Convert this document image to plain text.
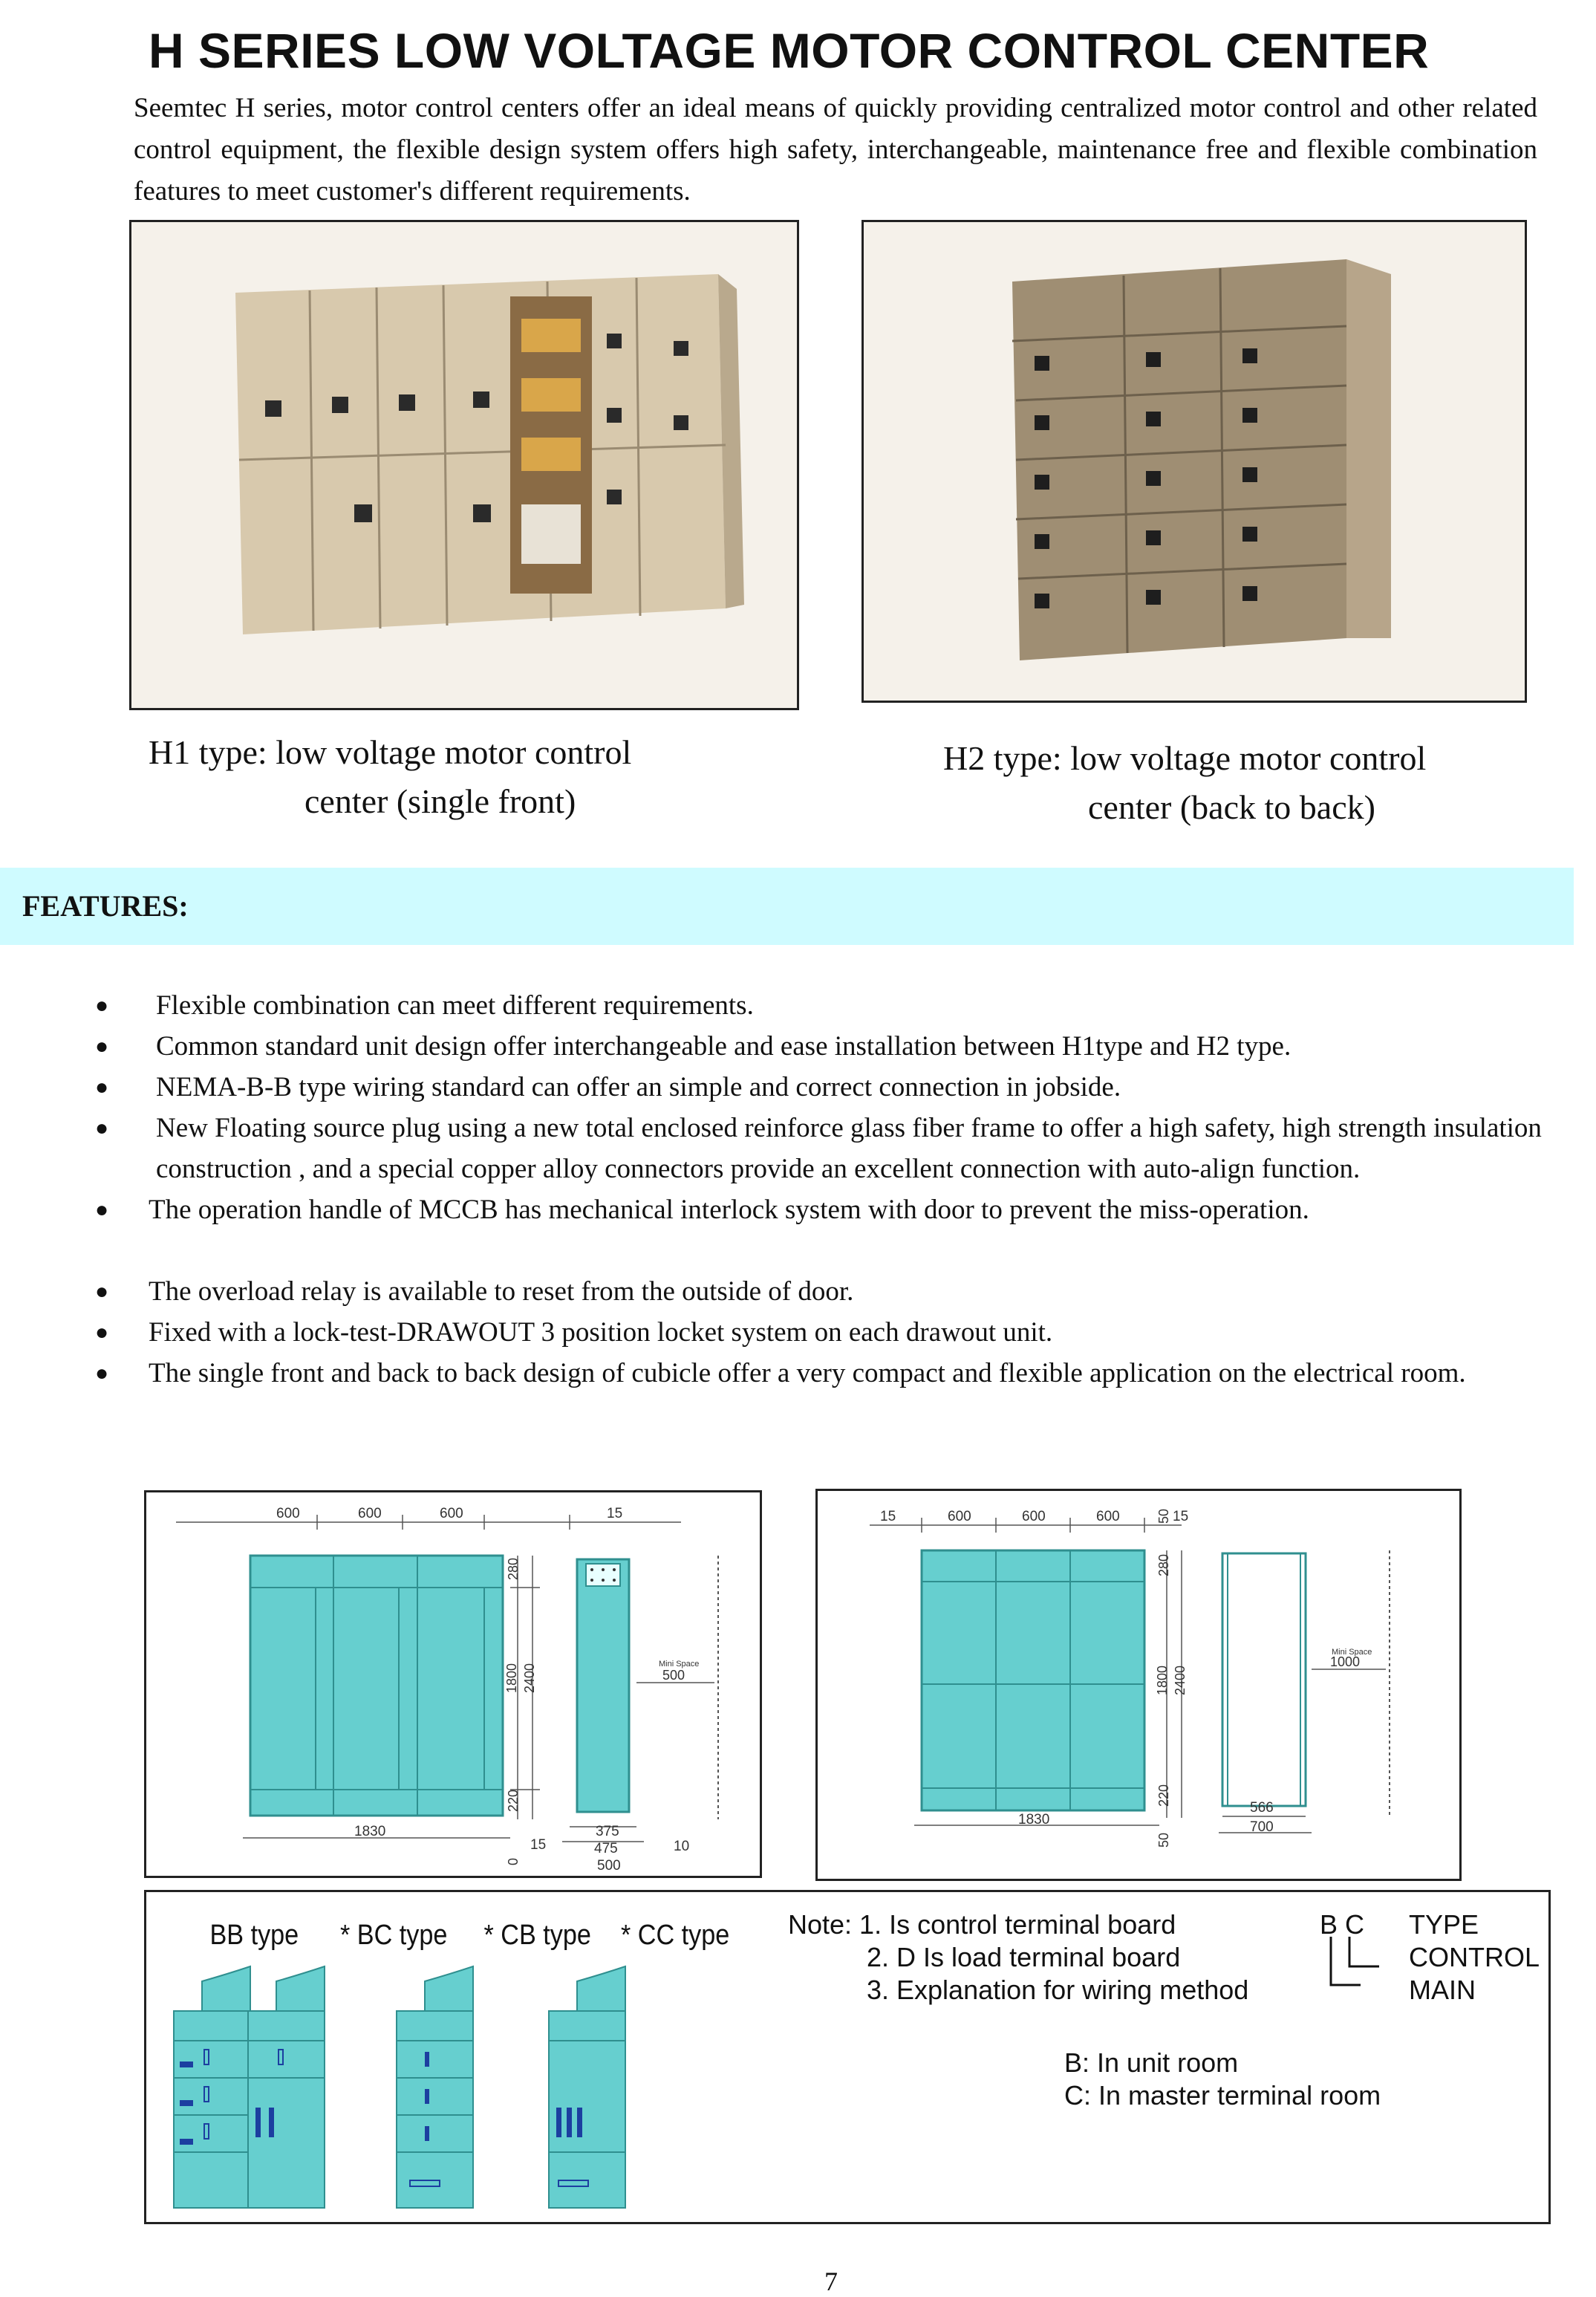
H SERIES LOW VOLTAGE MOTOR CONTROL CENTER
Seemtec H series, motor control centers offer an ideal means of quickly providing centralized motor control and other related control equipment, the flexible design system offers high safety, interchangeable, maintenance free and flexible combination features to meet customer's different requirements.
H1 type: low voltage motor control
center (single front)
H2 type: low voltage motor control
center (back to back)
FEATURES:
● Flexible combination can meet different requirements.
● Common standard unit design offer interchangeable and ease installation between H1type and H2 type.
● NEMA-B-B type wiring standard can offer an simple and correct connection in jobside.
● New Floating source plug using a new total enclosed reinforce glass fiber frame to offer a high safety, high strength insulation construction , and a special copper alloy connectors provide an excellent connection with auto-align function.
● The operation handle of MCCB has mechanical interlock system with door to prevent the miss-operation.
● The overload relay is available to reset from the outside of door.
● Fixed with a lock-test-DRAWOUT 3 position locket system on each drawout unit.
● The single front and back to back design of cubicle offer a very compact and flexible application on the electrical room.
600	600	600	15
280
1800 2400
220
0
1830
Mini Space
500
15
375
475
500
10
15	600	600	600	50 15
280
1800 2400
220
50
1830
Mini Space
1000
566
700
BB type * BC type * CB type * CC type Note: 1. Is control terminal board
2. D Is load terminal board
3. Explanation for wiring method
B C TYPE
CONTROL
MAIN
B: In unit room
C: In master terminal room
7
